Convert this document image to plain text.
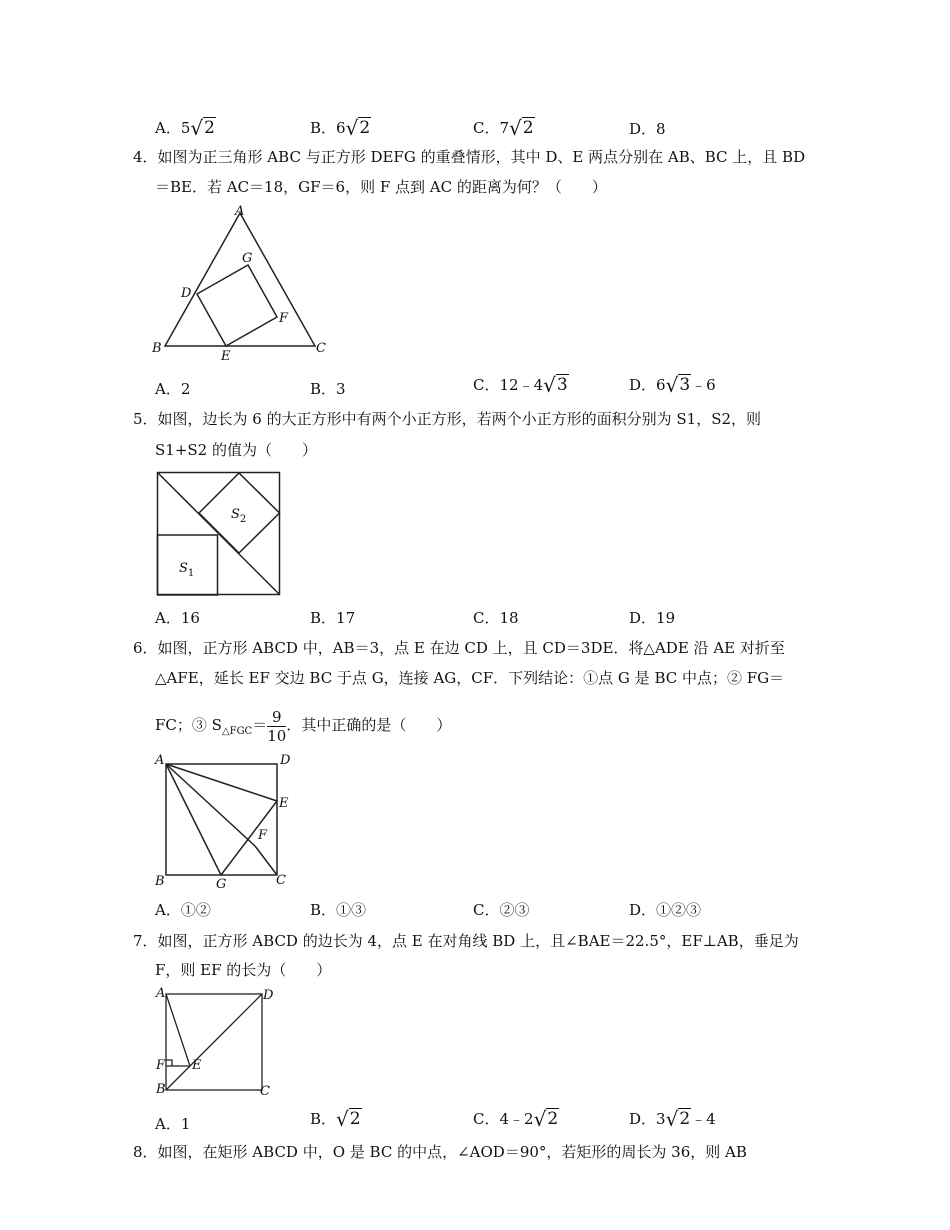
A．5√2	B．6√2	C．7√2	D．8
4．如图为正三角形 ABC 与正方形 DEFG 的重叠情形，其中 D、E 两点分别在 AB、BC 上，且 BD
＝BE．若 AC＝18，GF＝6，则 F 点到 AC 的距离为何？（　　）
A
B	C
D
E
F
G
A．2	B．3	C．12﹣4√3	D．6√3﹣6
5．如图，边长为 6 的大正方形中有两个小正方形，若两个小正方形的面积分别为 S1，S2，则
S1+S2 的值为（　　）
$S_2$
$S_1$
A．16	B．17	C．18	D．19
6．如图，正方形 ABCD 中，AB＝3，点 E 在边 CD 上，且 CD＝3DE．将△ADE 沿 AE 对折至
△AFE，延长 EF 交边 BC 于点 G，连接 AG，CF．下列结论：①点 G 是 BC 中点；② FG＝
FC；③ $S_{\triangle FGC}= \frac{9}{10}$ ．其中正确的是（　　）
A	D
B	C
E
F
G
A．①②	B．①③	C．②③	D．①②③
7．如图，正方形 ABCD 的边长为 4，点 E 在对角线 BD 上，且∠BAE＝22.5°，EF⊥AB，垂足为
F，则 EF 的长为（　　）
A	D
F E
B	C
A．1	B．√2	C．4﹣2√2	D．3√2﹣4
8．如图，在矩形 ABCD 中，O 是 BC 的中点，∠AOD＝90°，若矩形的周长为 36，则 AB
